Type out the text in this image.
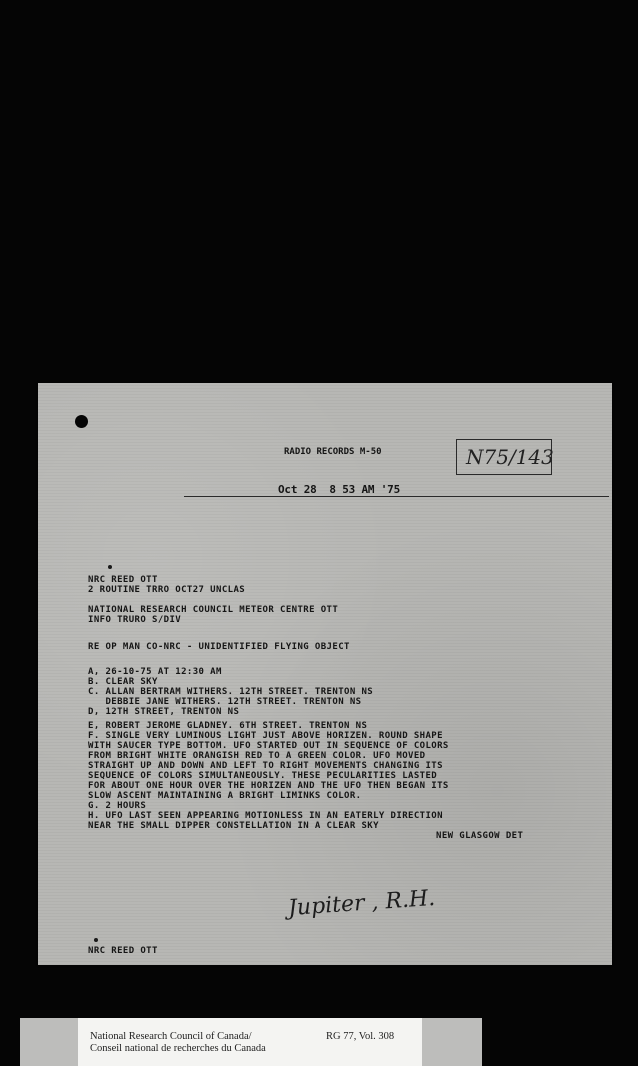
RADIO RECORDS M-50	N75/143
Oct 28  8 53 AM '75
NRC REED OTT
2 ROUTINE TRRO OCT27 UNCLAS
NATIONAL RESEARCH COUNCIL METEOR CENTRE OTT
INFO TRURO S/DIV
RE OP MAN CO-NRC - UNIDENTIFIED FLYING OBJECT
A, 26-10-75 AT 12:30 AM
B. CLEAR SKY
C. ALLAN BERTRAM WITHERS. 12TH STREET. TRENTON NS
DEBBIE JANE WITHERS. 12TH STREET. TRENTON NS
D, 12TH STREET, TRENTON NS
E, ROBERT JEROME GLADNEY. 6TH STREET. TRENTON NS
F. SINGLE VERY LUMINOUS LIGHT JUST ABOVE HORIZEN. ROUND SHAPE
WITH SAUCER TYPE BOTTOM. UFO STARTED OUT IN SEQUENCE OF COLORS
FROM BRIGHT WHITE ORANGISH RED TO A GREEN COLOR. UFO MOVED
STRAIGHT UP AND DOWN AND LEFT TO RIGHT MOVEMENTS CHANGING ITS
SEQUENCE OF COLORS SIMULTANEOUSLY. THESE PECULARITIES LASTED
FOR ABOUT ONE HOUR OVER THE HORIZEN AND THE UFO THEN BEGAN ITS
SLOW ASCENT MAINTAINING A BRIGHT LIMINKS COLOR.
G. 2 HOURS
H. UFO LAST SEEN APPEARING MOTIONLESS IN AN EATERLY DIRECTION
NEAR THE SMALL DIPPER CONSTELLATION IN A CLEAR SKY
NEW GLASGOW DET
Jupiter , R.H.
NRC REED OTT
National Research Council of Canada/
Conseil national de recherches du Canada
RG 77, Vol. 308
